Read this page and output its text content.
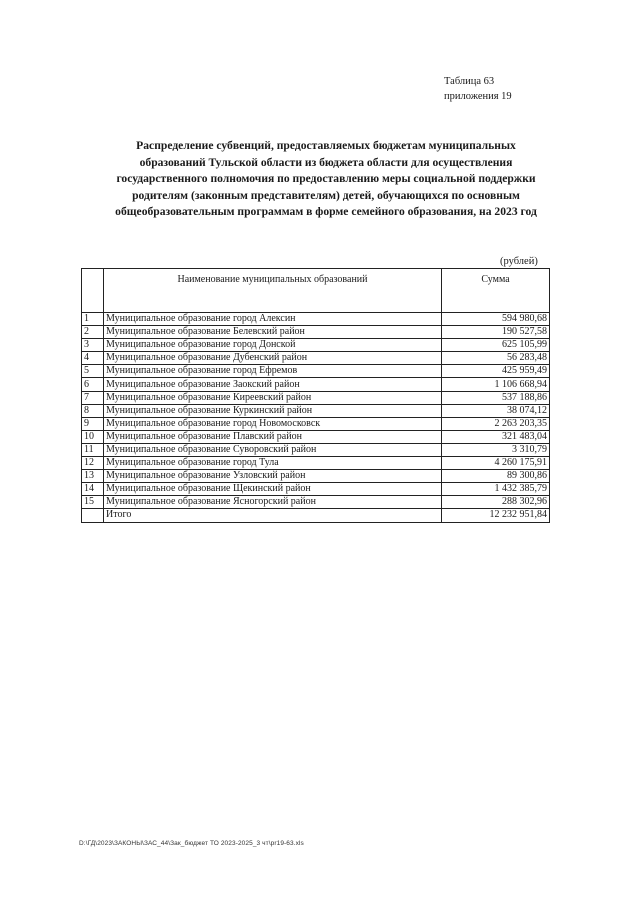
Таблица 63
приложения 19
Распределение субвенций, предоставляемых бюджетам муниципальных
образований Тульской области из бюджета области для осуществления
государственного полномочия по предоставлению меры социальной поддержки
родителям (законным представителям) детей, обучающихся по основным
общеобразовательным программам в форме семейного образования, на 2023 год
(рублей)
	Наименование муниципальных образований	Сумма
1	Муниципальное образование город Алексин	594 980,68
2	Муниципальное образование Белевский район	190 527,58
3	Муниципальное образование город Донской	625 105,99
4	Муниципальное образование Дубенский район	56 283,48
5	Муниципальное образование город Ефремов	425 959,49
6	Муниципальное образование Заокский район	1 106 668,94
7	Муниципальное образование Киреевский район	537 188,86
8	Муниципальное образование Куркинский район	38 074,12
9	Муниципальное образование город Новомосковск	2 263 203,35
10	Муниципальное образование Плавский район	321 483,04
11	Муниципальное образование Суворовский район	3 310,79
12	Муниципальное образование город Тула	4 260 175,91
13	Муниципальное образование Узловский район	89 300,86
14	Муниципальное образование Щекинский район	1 432 385,79
15	Муниципальное образование Ясногорский район	288 302,96
	Итого	12 232 951,84
D:\ГД\2023\ЗАКОНЫ\ЗАС_44\Зак_бюджет ТО 2023-2025_3 чт\pr19-63.xls
